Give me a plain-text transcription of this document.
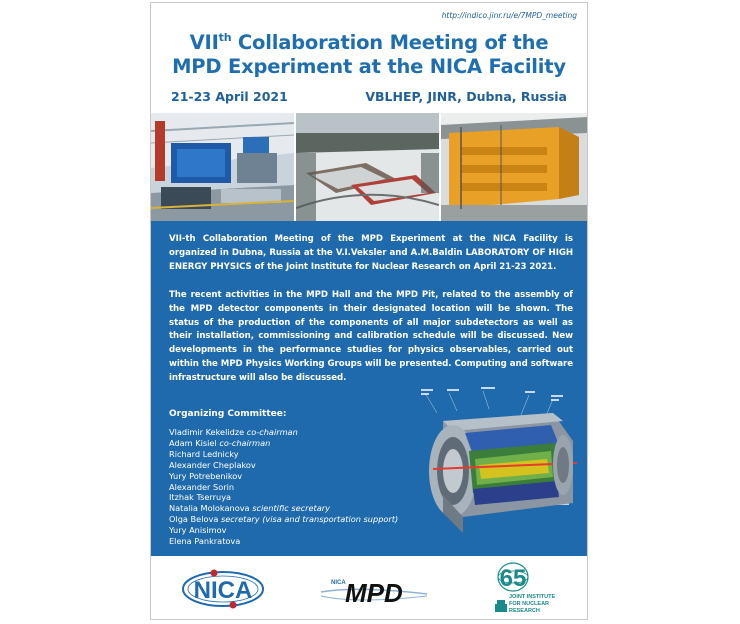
http://indico.jinr.ru/e/7MPD_meeting
VIIth Collaboration Meeting of the
MPD Experiment at the NICA Facility
21-23 April 2021	VBLHEP, JINR, Dubna, Russia
VII-th Collaboration Meeting of the MPD Experiment at the NICA Facility is organized in Dubna, Russia at the V.I.Veksler and A.M.Baldin LABORATORY OF HIGH ENERGY PHYSICS of the Joint Institute for Nuclear Research on April 21-23 2021.
The recent activities in the MPD Hall and the MPD Pit, related to the assembly of the MPD detector components in their designated location will be shown. The status of the production of the components of all major subdetectors as well as their installation, commissioning and calibration schedule will be discussed. New developments in the performance studies for physics observables, carried out within the MPD Physics Working Groups will be presented. Computing and software infrastructure will also be discussed.
Organizing Committee:
Vladimir Kekelidze co-chairman
Adam Kisiel co-chairman
Richard Lednicky
Alexander Cheplakov
Yury Potrebenikov
Alexander Sorin
Itzhak Tserruya
Natalia Molokanova scientific secretary
Olga Belova secretary (visa and transportation support)
Yury Anisimov
Elena Pankratova
NICA	NICA MPD	65
JOINT INSTITUTE
FOR NUCLEAR
RESEARCH
